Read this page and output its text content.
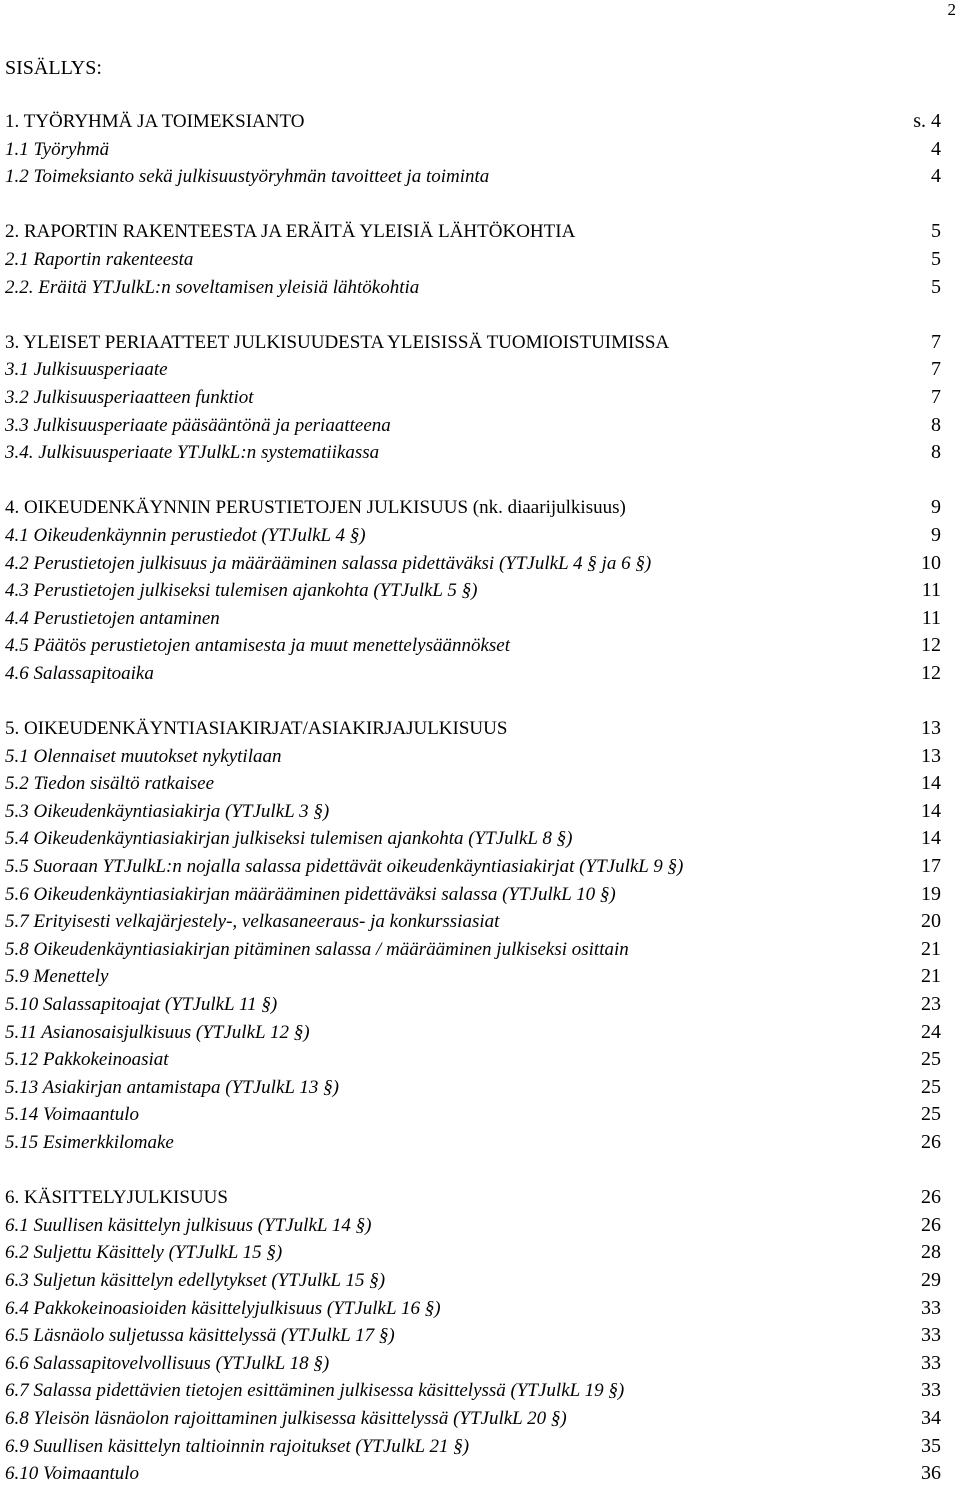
2
SISÄLLYS:
1. TYÖRYHMÄ JA TOIMEKSIANTO	s. 4
1.1 Työryhmä	4
1.2 Toimeksianto sekä julkisuustyöryhmän tavoitteet ja toiminta	4
2. RAPORTIN RAKENTEESTA JA ERÄITÄ YLEISIÄ LÄHTÖKOHTIA	5
2.1 Raportin rakenteesta	5
2.2. Eräitä YTJulkL:n soveltamisen yleisiä lähtökohtia	5
3. YLEISET PERIAATTEET JULKISUUDESTA YLEISISSÄ TUOMIOISTUIMISSA	7
3.1 Julkisuusperiaate	7
3.2 Julkisuusperiaatteen funktiot	7
3.3 Julkisuusperiaate pääsääntönä ja periaatteena	8
3.4. Julkisuusperiaate YTJulkL:n systematiikassa	8
4. OIKEUDENKÄYNNIN PERUSTIETOJEN JULKISUUS (nk. diaarijulkisuus)	9
4.1 Oikeudenkäynnin perustiedot (YTJulkL 4 §)	9
4.2 Perustietojen julkisuus ja määrääminen salassa pidettäväksi (YTJulkL 4 § ja 6 §)	10
4.3 Perustietojen julkiseksi tulemisen ajankohta (YTJulkL 5 §)	11
4.4 Perustietojen antaminen	11
4.5 Päätös perustietojen antamisesta ja muut menettelysäännökset	12
4.6 Salassapitoaika	12
5. OIKEUDENKÄYNTIASIAKIRJAT/ASIAKIRJAJULKISUUS	13
5.1 Olennaiset muutokset nykytilaan	13
5.2 Tiedon sisältö ratkaisee	14
5.3 Oikeudenkäyntiasiakirja (YTJulkL 3 §)	14
5.4 Oikeudenkäyntiasiakirjan julkiseksi tulemisen ajankohta (YTJulkL 8 §)	14
5.5 Suoraan YTJulkL:n nojalla salassa pidettävät oikeudenkäyntiasiakirjat (YTJulkL 9 §)	17
5.6 Oikeudenkäyntiasiakirjan määrääminen pidettäväksi salassa (YTJulkL 10 §)	19
5.7 Erityisesti velkajärjestely-, velkasaneeraus- ja konkurssiasiat	20
5.8 Oikeudenkäyntiasiakirjan pitäminen salassa / määrääminen julkiseksi osittain	21
5.9 Menettely	21
5.10 Salassapitoajat (YTJulkL 11 §)	23
5.11 Asianosaisjulkisuus (YTJulkL 12 §)	24
5.12 Pakkokeinoasiat	25
5.13 Asiakirjan antamistapa (YTJulkL 13 §)	25
5.14 Voimaantulo	25
5.15 Esimerkkilomake	26
6. KÄSITTELYJULKISUUS	26
6.1 Suullisen käsittelyn julkisuus (YTJulkL 14 §)	26
6.2 Suljettu Käsittely (YTJulkL 15 §)	28
6.3 Suljetun käsittelyn edellytykset (YTJulkL 15 §)	29
6.4 Pakkokeinoasioiden käsittelyjulkisuus (YTJulkL 16 §)	33
6.5 Läsnäolo suljetussa käsittelyssä (YTJulkL 17 §)	33
6.6 Salassapitovelvollisuus (YTJulkL 18 §)	33
6.7 Salassa pidettävien tietojen esittäminen julkisessa käsittelyssä (YTJulkL 19 §)	33
6.8 Yleisön läsnäolon rajoittaminen julkisessa käsittelyssä (YTJulkL 20 §)	34
6.9 Suullisen käsittelyn taltioinnin rajoitukset (YTJulkL 21 §)	35
6.10 Voimaantulo	36
